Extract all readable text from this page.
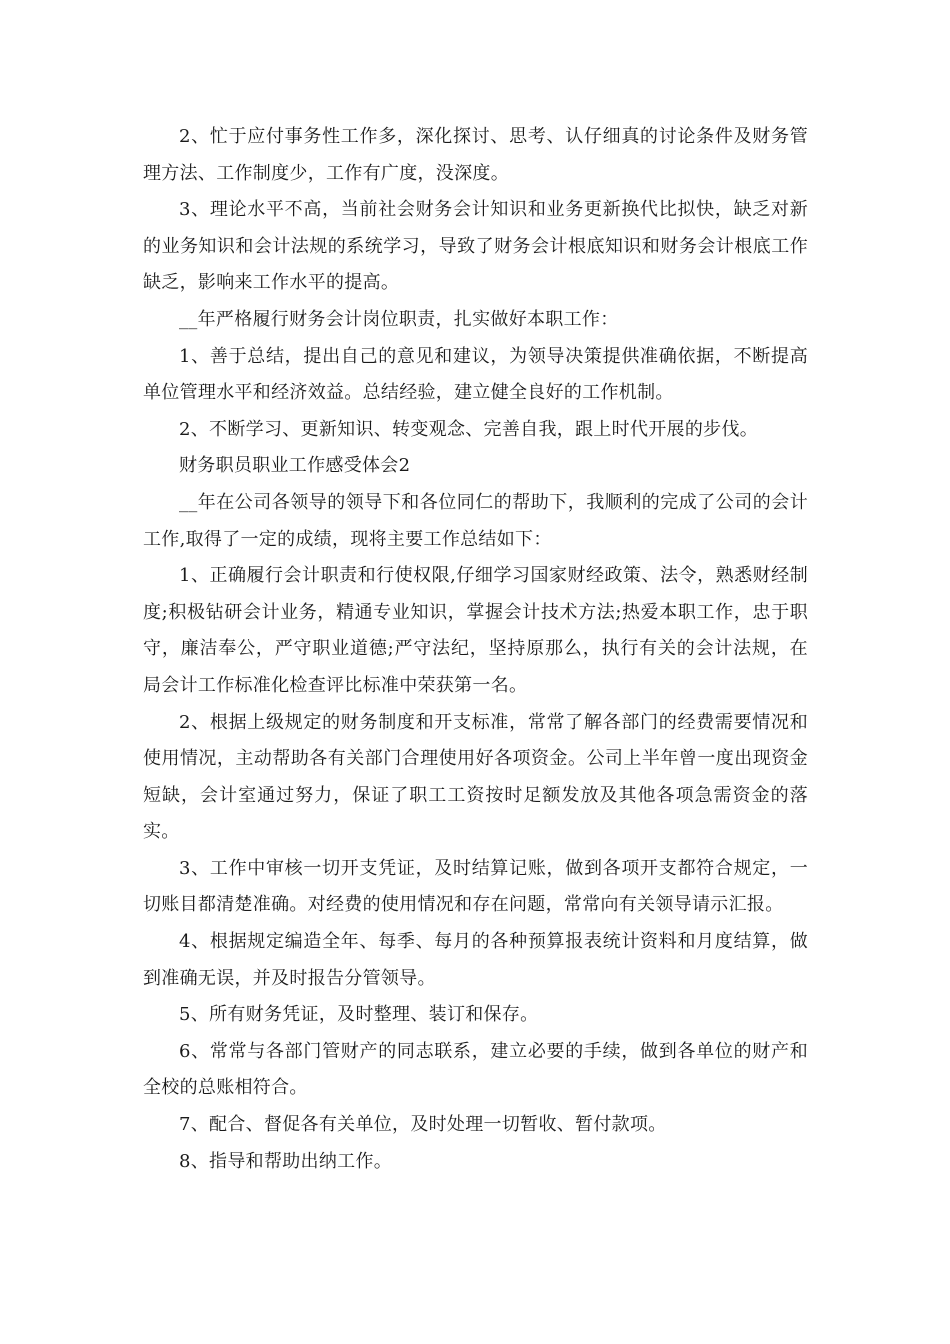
2、忙于应付事务性工作多，深化探讨、思考、认仔细真的讨论条件及财务管理方法、工作制度少，工作有广度，没深度。

3、理论水平不高，当前社会财务会计知识和业务更新换代比拟快，缺乏对新的业务知识和会计法规的系统学习，导致了财务会计根底知识和财务会计根底工作缺乏，影响来工作水平的提高。

__年严格履行财务会计岗位职责，扎实做好本职工作：

1、善于总结，提出自己的意见和建议，为领导决策提供准确依据，不断提高单位管理水平和经济效益。总结经验，建立健全良好的工作机制。

2、不断学习、更新知识、转变观念、完善自我，跟上时代开展的步伐。

财务职员职业工作感受体会2

__年在公司各领导的领导下和各位同仁的帮助下，我顺利的完成了公司的会计工作,取得了一定的成绩，现将主要工作总结如下：

1、正确履行会计职责和行使权限,仔细学习国家财经政策、法令，熟悉财经制度;积极钻研会计业务，精通专业知识，掌握会计技术方法;热爱本职工作，忠于职守，廉洁奉公，严守职业道德;严守法纪，坚持原那么，执行有关的会计法规，在局会计工作标准化检查评比标准中荣获第一名。

2、根据上级规定的财务制度和开支标准，常常了解各部门的经费需要情况和使用情况，主动帮助各有关部门合理使用好各项资金。公司上半年曾一度出现资金短缺，会计室通过努力，保证了职工工资按时足额发放及其他各项急需资金的落实。

3、工作中审核一切开支凭证，及时结算记账，做到各项开支都符合规定，一切账目都清楚准确。对经费的使用情况和存在问题，常常向有关领导请示汇报。

4、根据规定编造全年、每季、每月的各种预算报表统计资料和月度结算，做到准确无误，并及时报告分管领导。

5、所有财务凭证，及时整理、装订和保存。

6、常常与各部门管财产的同志联系，建立必要的手续，做到各单位的财产和全校的总账相符合。

7、配合、督促各有关单位，及时处理一切暂收、暂付款项。

8、指导和帮助出纳工作。
